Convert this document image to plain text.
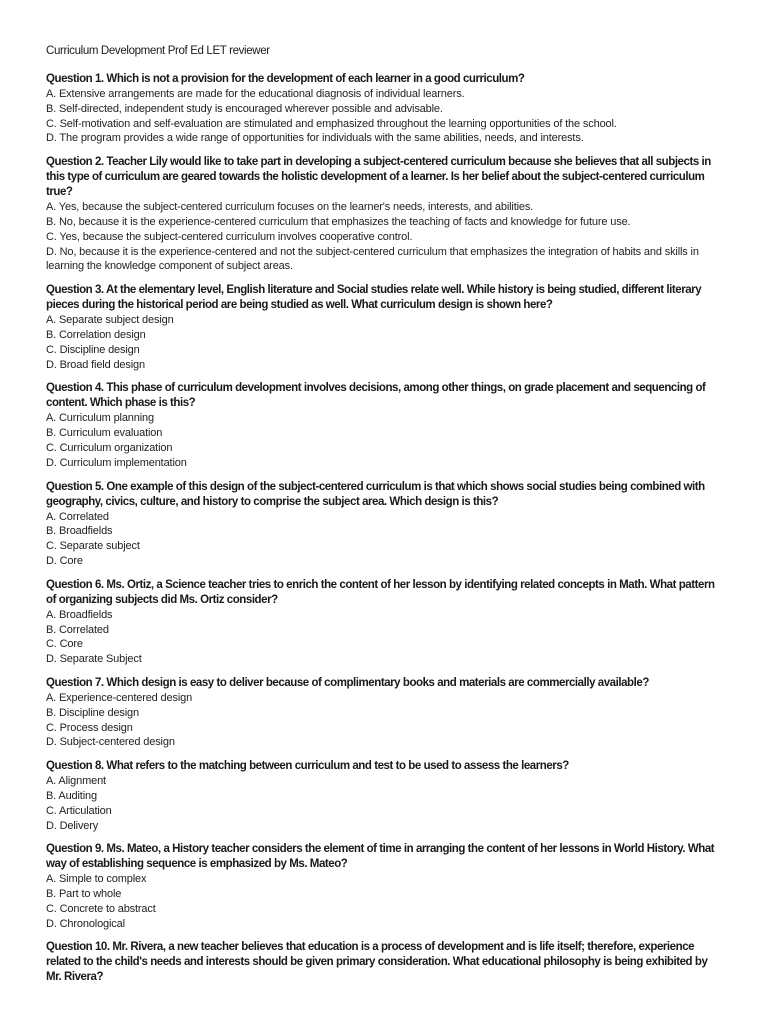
Curriculum Development Prof Ed LET reviewer

Question 1. Which is not a provision for the development of each learner in a good curriculum?

A. Extensive arrangements are made for the educational diagnosis of individual learners.
B. Self-directed, independent study is encouraged wherever possible and advisable.
C. Self-motivation and self-evaluation are stimulated and emphasized throughout the learning opportunities of the school.
D. The program provides a wide range of opportunities for individuals with the same abilities, needs, and interests.

Question 2. Teacher Lily would like to take part in developing a subject-centered curriculum because she believes that all subjects in this type of curriculum are geared towards the holistic development of a learner. Is her belief about the subject-centered curriculum true?

A. Yes, because the subject-centered curriculum focuses on the learner's needs, interests, and abilities.
B. No, because it is the experience-centered curriculum that emphasizes the teaching of facts and knowledge for future use.
C. Yes, because the subject-centered curriculum involves cooperative control.
D. No, because it is the experience-centered and not the subject-centered curriculum that emphasizes the integration of habits and skills in learning the knowledge component of subject areas.

Question 3. At the elementary level, English literature and Social studies relate well. While history is being studied, different literary pieces during the historical period are being studied as well. What curriculum design is shown here?

A. Separate subject design
B. Correlation design
C. Discipline design
D. Broad field design

Question 4. This phase of curriculum development involves decisions, among other things, on grade placement and sequencing of content. Which phase is this?

A. Curriculum planning
B. Curriculum evaluation
C. Curriculum organization
D. Curriculum implementation

Question 5. One example of this design of the subject-centered curriculum is that which shows social studies being combined with geography, civics, culture, and history to comprise the subject area. Which design is this?

A. Correlated
B. Broadfields
C. Separate subject
D. Core

Question 6. Ms. Ortiz, a Science teacher tries to enrich the content of her lesson by identifying related concepts in Math. What pattern of organizing subjects did Ms. Ortiz consider?

A. Broadfields
B. Correlated
C. Core
D. Separate Subject

Question 7. Which design is easy to deliver because of complimentary books and materials are commercially available?

A. Experience-centered design
B. Discipline design
C. Process design
D. Subject-centered design

Question 8. What refers to the matching between curriculum and test to be used to assess the learners?

A. Alignment
B. Auditing
C. Articulation
D. Delivery

Question 9. Ms. Mateo, a History teacher considers the element of time in arranging the content of her lessons in World History. What way of establishing sequence is emphasized by Ms. Mateo?

A. Simple to complex
B. Part to whole
C. Concrete to abstract
D. Chronological

Question 10. Mr. Rivera, a new teacher believes that education is a process of development and is life itself; therefore, experience related to the child's needs and interests should be given primary consideration. What educational philosophy is being exhibited by Mr. Rivera?
